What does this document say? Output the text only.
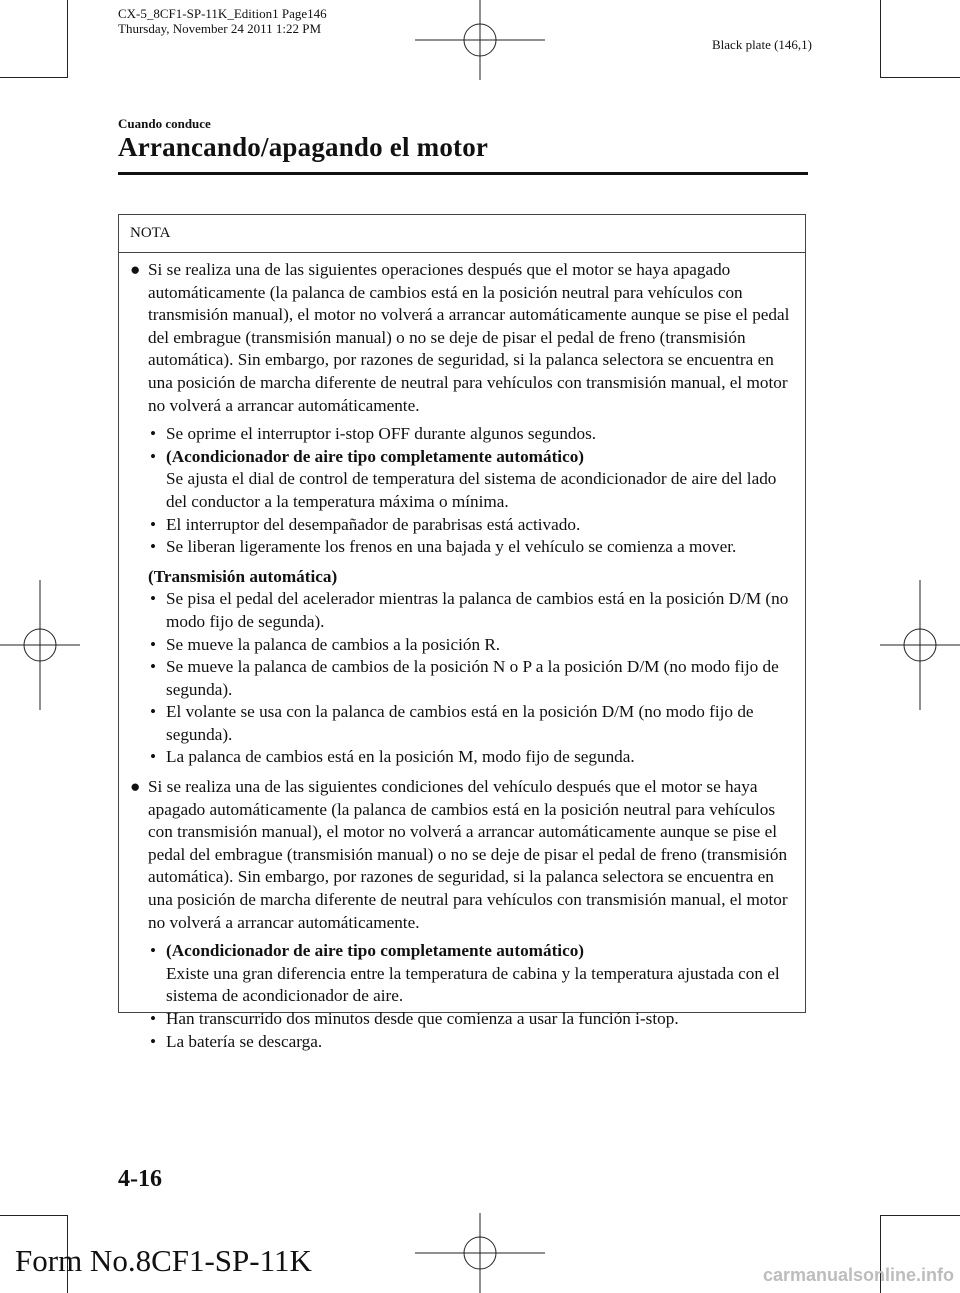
CX-5_8CF1-SP-11K_Edition1 Page146
Thursday, November 24 2011 1:22 PM
Black plate (146,1)
Cuando conduce
Arrancando/apagando el motor
NOTA
● Si se realiza una de las siguientes operaciones después que el motor se haya apagado automáticamente (la palanca de cambios está en la posición neutral para vehículos con transmisión manual), el motor no volverá a arrancar automáticamente aunque se pise el pedal del embrague (transmisión manual) o no se deje de pisar el pedal de freno (transmisión automática). Sin embargo, por razones de seguridad, si la palanca selectora se encuentra en una posición de marcha diferente de neutral para vehículos con transmisión manual, el motor no volverá a arrancar automáticamente.
• Se oprime el interruptor i-stop OFF durante algunos segundos.
• (Acondicionador de aire tipo completamente automático)
Se ajusta el dial de control de temperatura del sistema de acondicionador de aire del lado del conductor a la temperatura máxima o mínima.
• El interruptor del desempañador de parabrisas está activado.
• Se liberan ligeramente los frenos en una bajada y el vehículo se comienza a mover.
(Transmisión automática)
• Se pisa el pedal del acelerador mientras la palanca de cambios está en la posición D/M (no modo fijo de segunda).
• Se mueve la palanca de cambios a la posición R.
• Se mueve la palanca de cambios de la posición N o P a la posición D/M (no modo fijo de segunda).
• El volante se usa con la palanca de cambios está en la posición D/M (no modo fijo de segunda).
• La palanca de cambios está en la posición M, modo fijo de segunda.
● Si se realiza una de las siguientes condiciones del vehículo después que el motor se haya apagado automáticamente (la palanca de cambios está en la posición neutral para vehículos con transmisión manual), el motor no volverá a arrancar automáticamente aunque se pise el pedal del embrague (transmisión manual) o no se deje de pisar el pedal de freno (transmisión automática). Sin embargo, por razones de seguridad, si la palanca selectora se encuentra en una posición de marcha diferente de neutral para vehículos con transmisión manual, el motor no volverá a arrancar automáticamente.
• (Acondicionador de aire tipo completamente automático)
Existe una gran diferencia entre la temperatura de cabina y la temperatura ajustada con el sistema de acondicionador de aire.
• Han transcurrido dos minutos desde que comienza a usar la función i-stop.
• La batería se descarga.
4-16
Form No.8CF1-SP-11K	carmanualsonline.info
